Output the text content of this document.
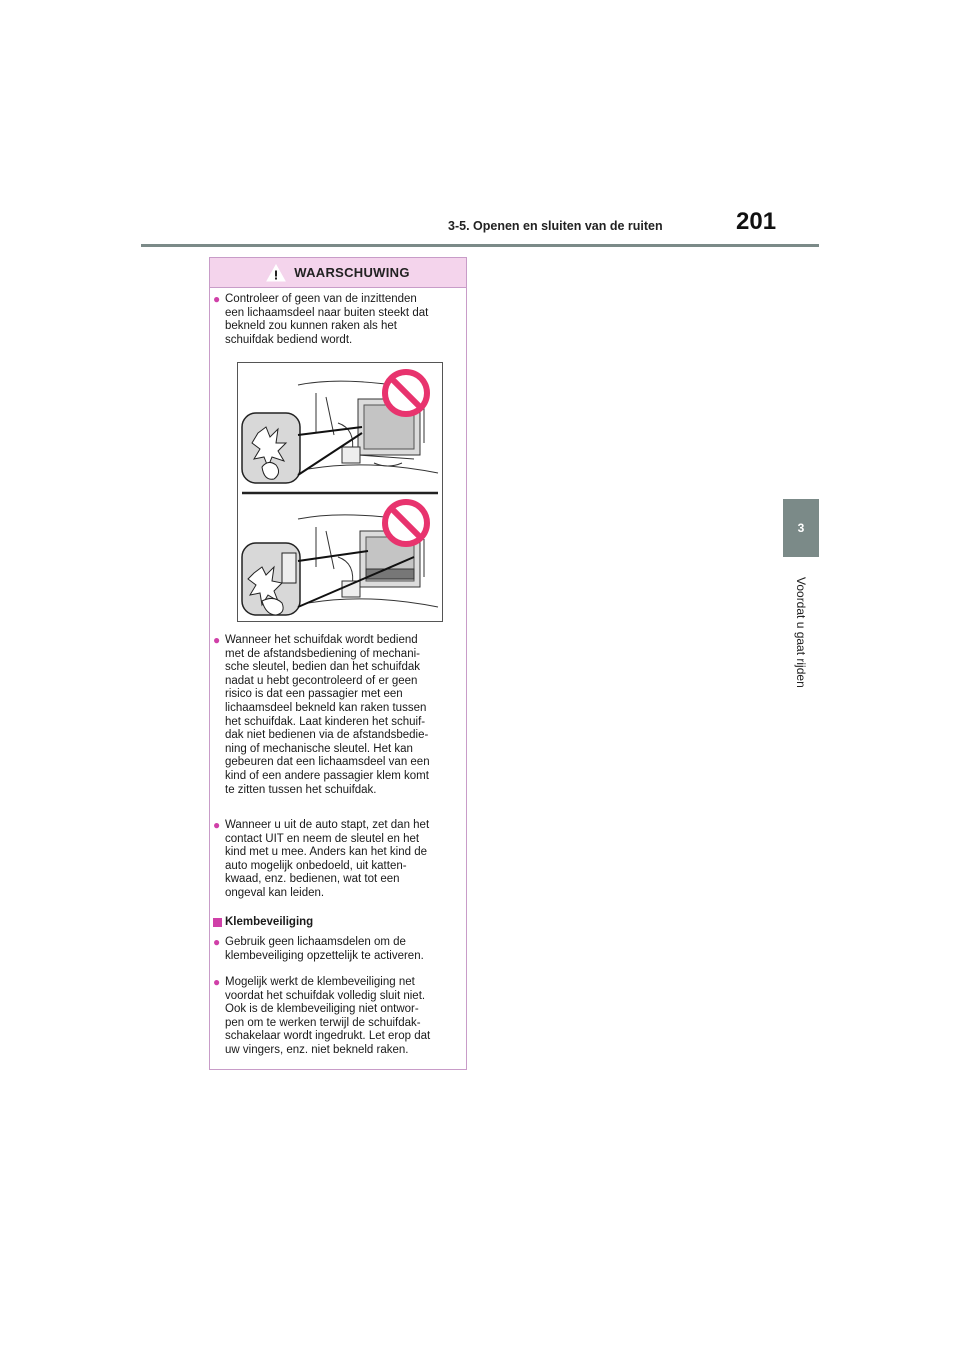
3-5. Openen en sluiten van de ruiten	201
3
Voordat u gaat rijden
WAARSCHUWING
● Controleer of geen van de inzittenden
een lichaamsdeel naar buiten steekt dat
bekneld zou kunnen raken als het
schuifdak bediend wordt.
● Wanneer het schuifdak wordt bediend
met de afstandsbediening of mechani-
sche sleutel, bedien dan het schuifdak
nadat u hebt gecontroleerd of er geen
risico is dat een passagier met een
lichaamsdeel bekneld kan raken tussen
het schuifdak. Laat kinderen het schuif-
dak niet bedienen via de afstandsbedie-
ning of mechanische sleutel. Het kan
gebeuren dat een lichaamsdeel van een
kind of een andere passagier klem komt
te zitten tussen het schuifdak.
● Wanneer u uit de auto stapt, zet dan het
contact UIT en neem de sleutel en het
kind met u mee. Anders kan het kind de
auto mogelijk onbedoeld, uit katten-
kwaad, enz. bedienen, wat tot een
ongeval kan leiden.
Klembeveiliging
● Gebruik geen lichaamsdelen om de
klembeveiliging opzettelijk te activeren.
● Mogelijk werkt de klembeveiliging net
voordat het schuifdak volledig sluit niet.
Ook is de klembeveiliging niet ontwor-
pen om te werken terwijl de schuifdak-
schakelaar wordt ingedrukt. Let erop dat
uw vingers, enz. niet bekneld raken.
